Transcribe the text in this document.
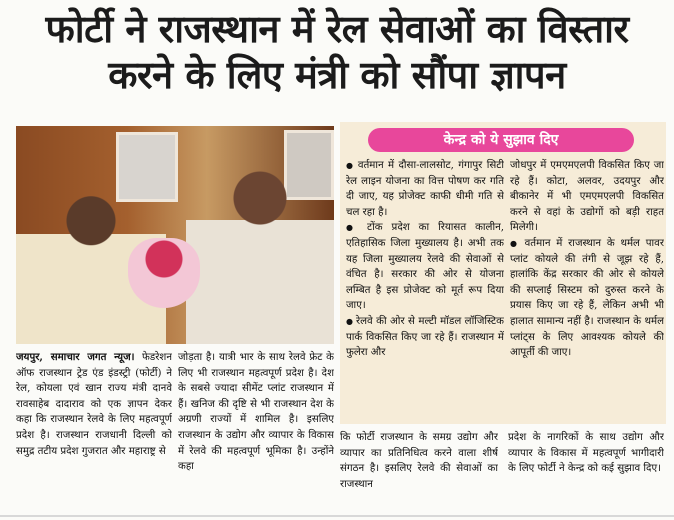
फोर्टी ने राजस्थान में रेल सेवाओं का विस्तार
करने के लिए मंत्री को सौंपा ज्ञापन
केन्द्र को ये सुझाव दिए

● वर्तमान में दौसा-लालसोट, गंगापुर सिटी रेल लाइन योजना का वित्त पोषण कर गति दी जाए, यह प्रोजेक्ट काफी धीमी गति से चल रहा है।

● टोंक प्रदेश का रियासत कालीन, एतिहासिक जिला मुख्यालय है। अभी तक यह जिला मुख्यालय रेलवे की सेवाओं से वंचित है। सरकार की ओर से योजना लम्बित है इस प्रोजेक्ट को मूर्त रूप दिया जाए।

● रेलवे की ओर से मल्टी मॉडल लॉजिस्टिक पार्क विकसित किए जा रहे हैं। राजस्थान में फुलेरा और

जोधपुर में एमएमएलपी विकसित किए जा रहे हैं। कोटा, अलवर, उदयपुर और बीकानेर में भी एमएमएलपी विकसित करने से वहां के उद्योगों को बड़ी राहत मिलेगी।

● वर्तमान में राजस्थान के थर्मल पावर प्लांट कोयले की तंगी से जूझ रहे हैं, हालांकि केंद्र सरकार की ओर से कोयले की सप्लाई सिस्टम को दुरुस्त करने के प्रयास किए जा रहे हैं, लेकिन अभी भी हालात सामान्य नहीं है। राजस्थान के थर्मल प्लांट्स के लिए आवश्यक कोयले की आपूर्ती की जाए।

जयपुर, समाचार जगत न्यूज। फेडरेशन ऑफ राजस्थान ट्रेड एंड इंडस्ट्री (फोर्टी) ने रेल, कोयला एवं खान राज्य मंत्री दानवे रावसाहेब दादाराव को एक ज्ञापन देकर कहा कि राजस्थान रेलवे के लिए महत्वपूर्ण प्रदेश है। राजस्थान राजधानी दिल्ली को समुद्र तटीय प्रदेश गुजरात और महाराष्ट्र से

जोड़ता है। यात्री भार के साथ रेलवे फ्रेट के लिए भी राजस्थान महत्वपूर्ण प्रदेश है। देश के सबसे ज्यादा सीमेंट प्लांट राजस्थान में हैं। खनिज की दृष्टि से भी राजस्थान देश के अग्रणी राज्यों में शामिल है। इसलिए राजस्थान के उद्योग और व्यापार के विकास में रेलवे की महत्वपूर्ण भूमिका है। उन्होंने कहा

कि फोर्टी राजस्थान के समग्र उद्योग और व्यापार का प्रतिनिधित्व करने वाला शीर्ष संगठन है। इसलिए रेलवे की सेवाओं का राजस्थान

प्रदेश के नागरिकों के साथ उद्योग और व्यापार के विकास में महत्वपूर्ण भागीदारी के लिए फोर्टी ने केन्द्र को कई सुझाव दिए।
